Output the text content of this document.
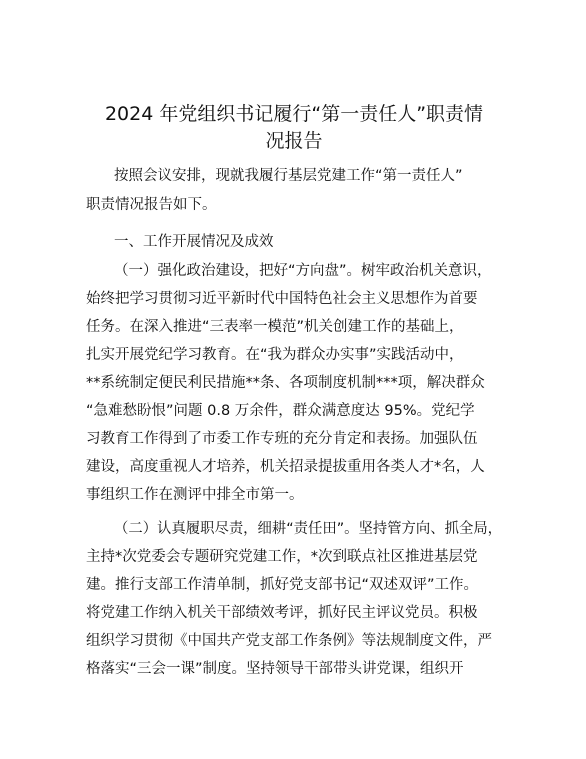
2024 年党组织书记履行“第一责任人”职责情
况报告

按照会议安排，现就我履行基层党建工作“第一责任人”

职责情况报告如下。

一、工作开展情况及成效

（一）强化政治建设，把好“方向盘”。树牢政治机关意识，

始终把学习贯彻习近平新时代中国特色社会主义思想作为首要

任务。在深入推进“三表率一模范”机关创建工作的基础上，

扎实开展党纪学习教育。在“我为群众办实事”实践活动中，

**系统制定便民利民措施**条、各项制度机制***项，解决群众

“急难愁盼恨”问题 0.8 万余件，群众满意度达 95%。党纪学

习教育工作得到了市委工作专班的充分肯定和表扬。加强队伍

建设，高度重视人才培养，机关招录提拔重用各类人才*名，人

事组织工作在测评中排全市第一。

（二）认真履职尽责，细耕“责任田”。坚持管方向、抓全局，

主持*次党委会专题研究党建工作，*次到联点社区推进基层党

建。推行支部工作清单制，抓好党支部书记“双述双评”工作。

将党建工作纳入机关干部绩效考评，抓好民主评议党员。积极

组织学习贯彻《中国共产党支部工作条例》等法规制度文件，严

格落实“三会一课”制度。坚持领导干部带头讲党课，组织开
